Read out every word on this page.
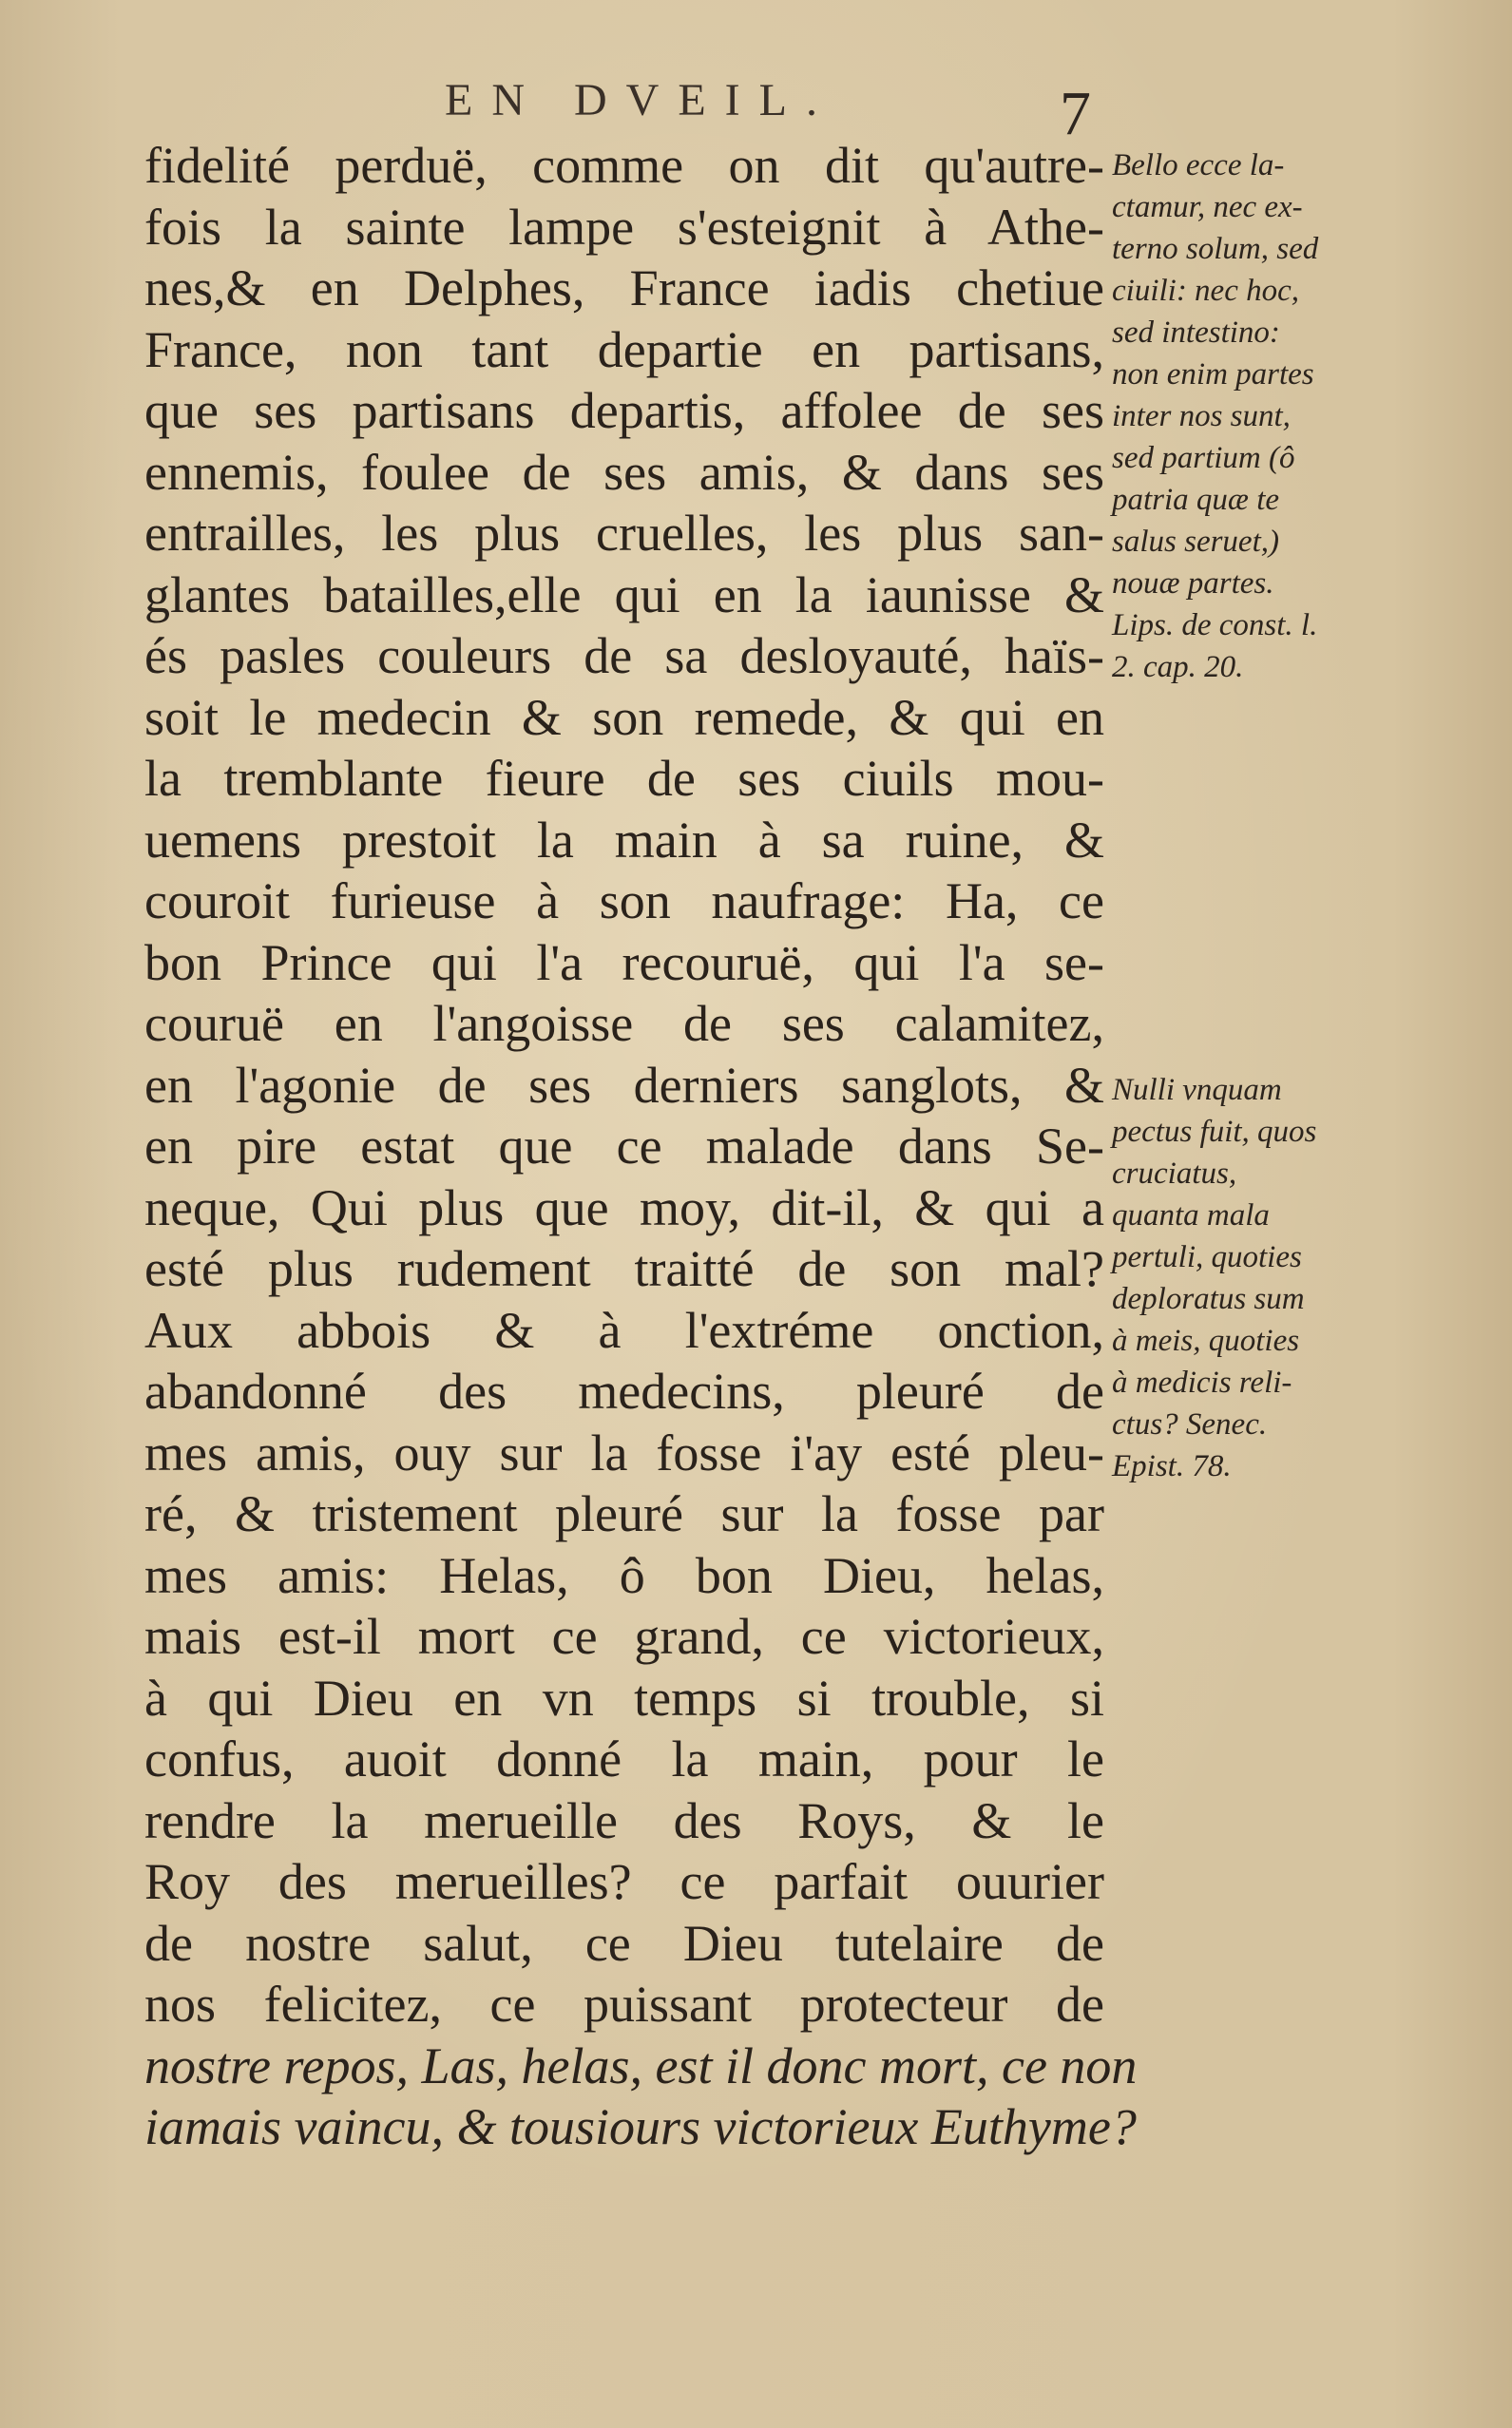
EN DVEIL.	7
fidelité perduë, comme on dit qu'autre-
fois la sainte lampe s'esteignit à Athe-
nes,& en Delphes, France iadis chetiue
France, non tant departie en partisans,
que ses partisans departis, affolee de ses
ennemis, foulee de ses amis, & dans ses
entrailles, les plus cruelles, les plus san-
glantes batailles,elle qui en la iaunisse &
és pasles couleurs de sa desloyauté, haïs-
soit le medecin & son remede, & qui en
la tremblante fieure de ses ciuils mou-
uemens prestoit la main à sa ruine, &
couroit furieuse à son naufrage: Ha, ce
bon Prince qui l'a recouruë, qui l'a se-
couruë en l'angoisse de ses calamitez,
en l'agonie de ses derniers sanglots, &
en pire estat que ce malade dans Se-
neque, Qui plus que moy, dit-il, & qui a
esté plus rudement traitté de son mal?
Aux abbois & à l'extréme onction,
abandonné des medecins, pleuré de
mes amis, ouy sur la fosse i'ay esté pleu-
ré, & tristement pleuré sur la fosse par
mes amis: Helas, ô bon Dieu, helas,
mais est-il mort ce grand, ce victorieux,
à qui Dieu en vn temps si trouble, si
confus, auoit donné la main, pour le
rendre la merueille des Roys, & le
Roy des merueilles? ce parfait ouurier
de nostre salut, ce Dieu tutelaire de
nos felicitez, ce puissant protecteur de
nostre repos, Las, helas, est il donc mort, ce non
iamais vaincu, & tousiours victorieux Euthyme?
Bello ecce la-
ctamur, nec ex-
terno solum, sed
ciuili: nec hoc,
sed intestino:
non enim partes
inter nos sunt,
sed partium (ô
patria quæ te
salus seruet,)
nouæ partes.
Lips. de const. l.
2. cap. 20.
Nulli vnquam
pectus fuit, quos
cruciatus,
quanta mala
pertuli, quoties
deploratus sum
à meis, quoties
à medicis reli-
ctus? Senec.
Epist. 78.
